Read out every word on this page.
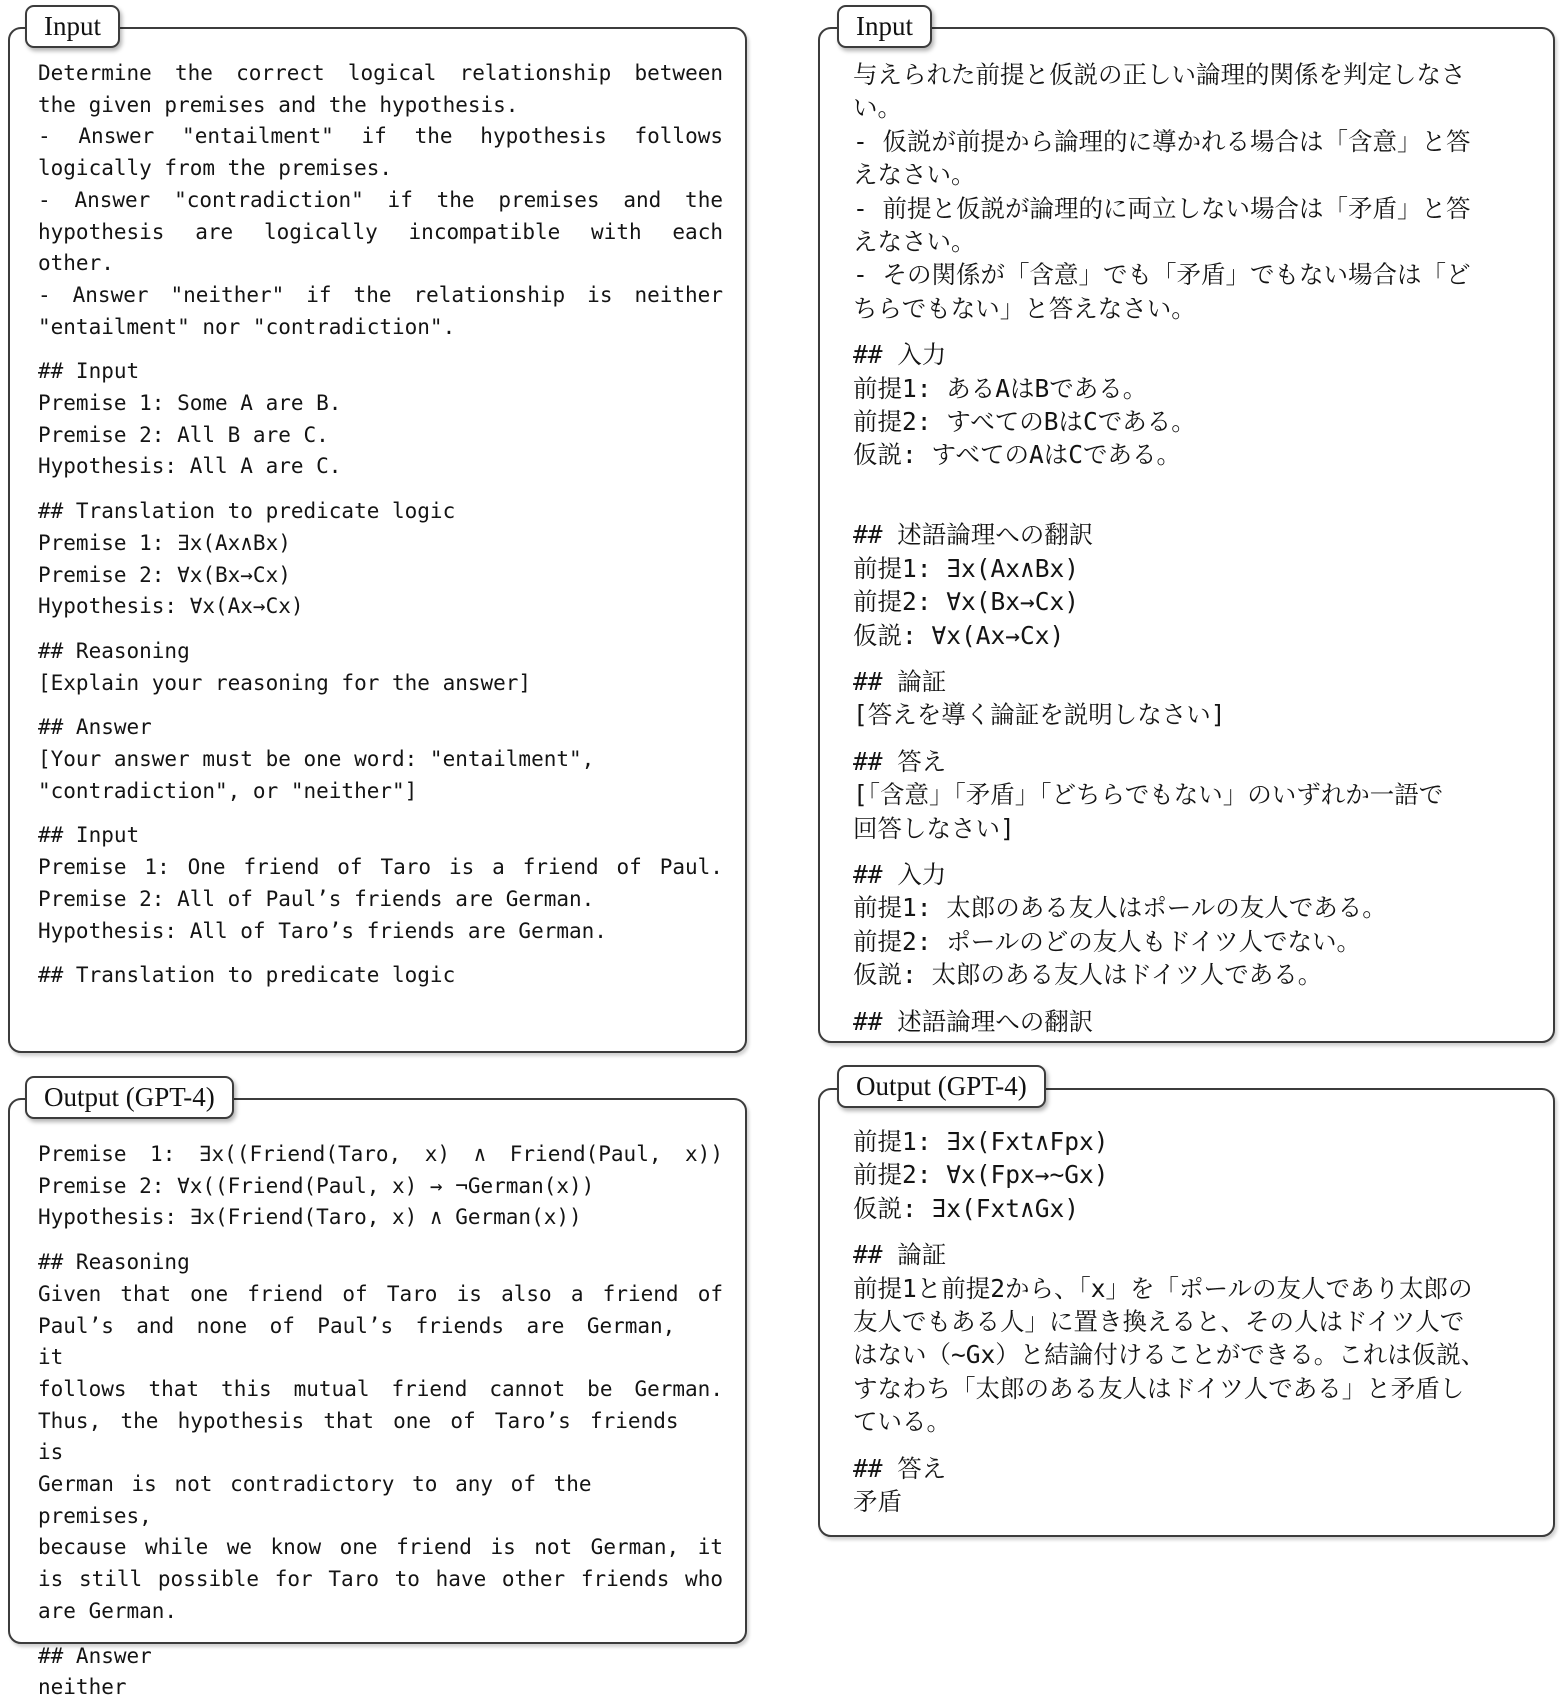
Determine the correct logical relationship between
the given premises and the hypothesis.
- Answer "entailment" if the hypothesis follows
logically from the premises.
- Answer "contradiction" if the premises and the
hypothesis are logically incompatible with each
other.
- Answer "neither" if the relationship is neither
"entailment" nor "contradiction".
## Input
Premise 1: Some A are B.
Premise 2: All B are C.
Hypothesis: All A are C.
## Translation to predicate logic
Premise 1: ∃x(Ax∧Bx)
Premise 2: ∀x(Bx→Cx)
Hypothesis: ∀x(Ax→Cx)
## Reasoning
[Explain your reasoning for the answer]
## Answer
[Your answer must be one word: "entailment",
"contradiction", or "neither"]
## Input
Premise 1: One friend of Taro is a friend of Paul.
Premise 2: All of Paul’s friends are German.
Hypothesis: All of Taro’s friends are German.
## Translation to predicate logic
Input
Premise 1: ∃x((Friend(Taro, x) ∧ Friend(Paul, x))
Premise 2: ∀x((Friend(Paul, x) → ¬German(x))
Hypothesis: ∃x(Friend(Taro, x) ∧ German(x))
## Reasoning
Given that one friend of Taro is also a friend of
Paul’s and none of Paul’s friends are German, it
follows that this mutual friend cannot be German.
Thus, the hypothesis that one of Taro’s friends is
German is not contradictory to any of the premises,
because while we know one friend is not German, it
is still possible for Taro to have other friends who
are German.
## Answer
neither
Output (GPT-4)
与えられた前提と仮説の正しい論理的関係を判定しなさ
い。
- 仮説が前提から論理的に導かれる場合は「含意」と答
えなさい。
- 前提と仮説が論理的に両立しない場合は「矛盾」と答
えなさい。
- その関係が「含意」でも「矛盾」でもない場合は「ど
ちらでもない」と答えなさい。
## 入力
前提1: あるAはBである。
前提2: すべてのBはCである。
仮説: すべてのAはCである。

## 述語論理への翻訳
前提1: ∃x(Ax∧Bx)
前提2: ∀x(Bx→Cx)
仮説: ∀x(Ax→Cx)
## 論証
[答えを導く論証を説明しなさい]
## 答え
[「含意」「矛盾」「どちらでもない」のいずれか一語で
回答しなさい]
## 入力
前提1: 太郎のある友人はポールの友人である。
前提2: ポールのどの友人もドイツ人でない。
仮説: 太郎のある友人はドイツ人である。
## 述語論理への翻訳
Input
前提1: ∃x(Fxt∧Fpx)
前提2: ∀x(Fpx→~Gx)
仮説: ∃x(Fxt∧Gx)
## 論証
前提1と前提2から、「x」を「ポールの友人であり太郎の
友人でもある人」に置き換えると、その人はドイツ人で
はない（~Gx）と結論付けることができる。これは仮説、
すなわち「太郎のある友人はドイツ人である」と矛盾し
ている。
## 答え
矛盾
Output (GPT-4)
